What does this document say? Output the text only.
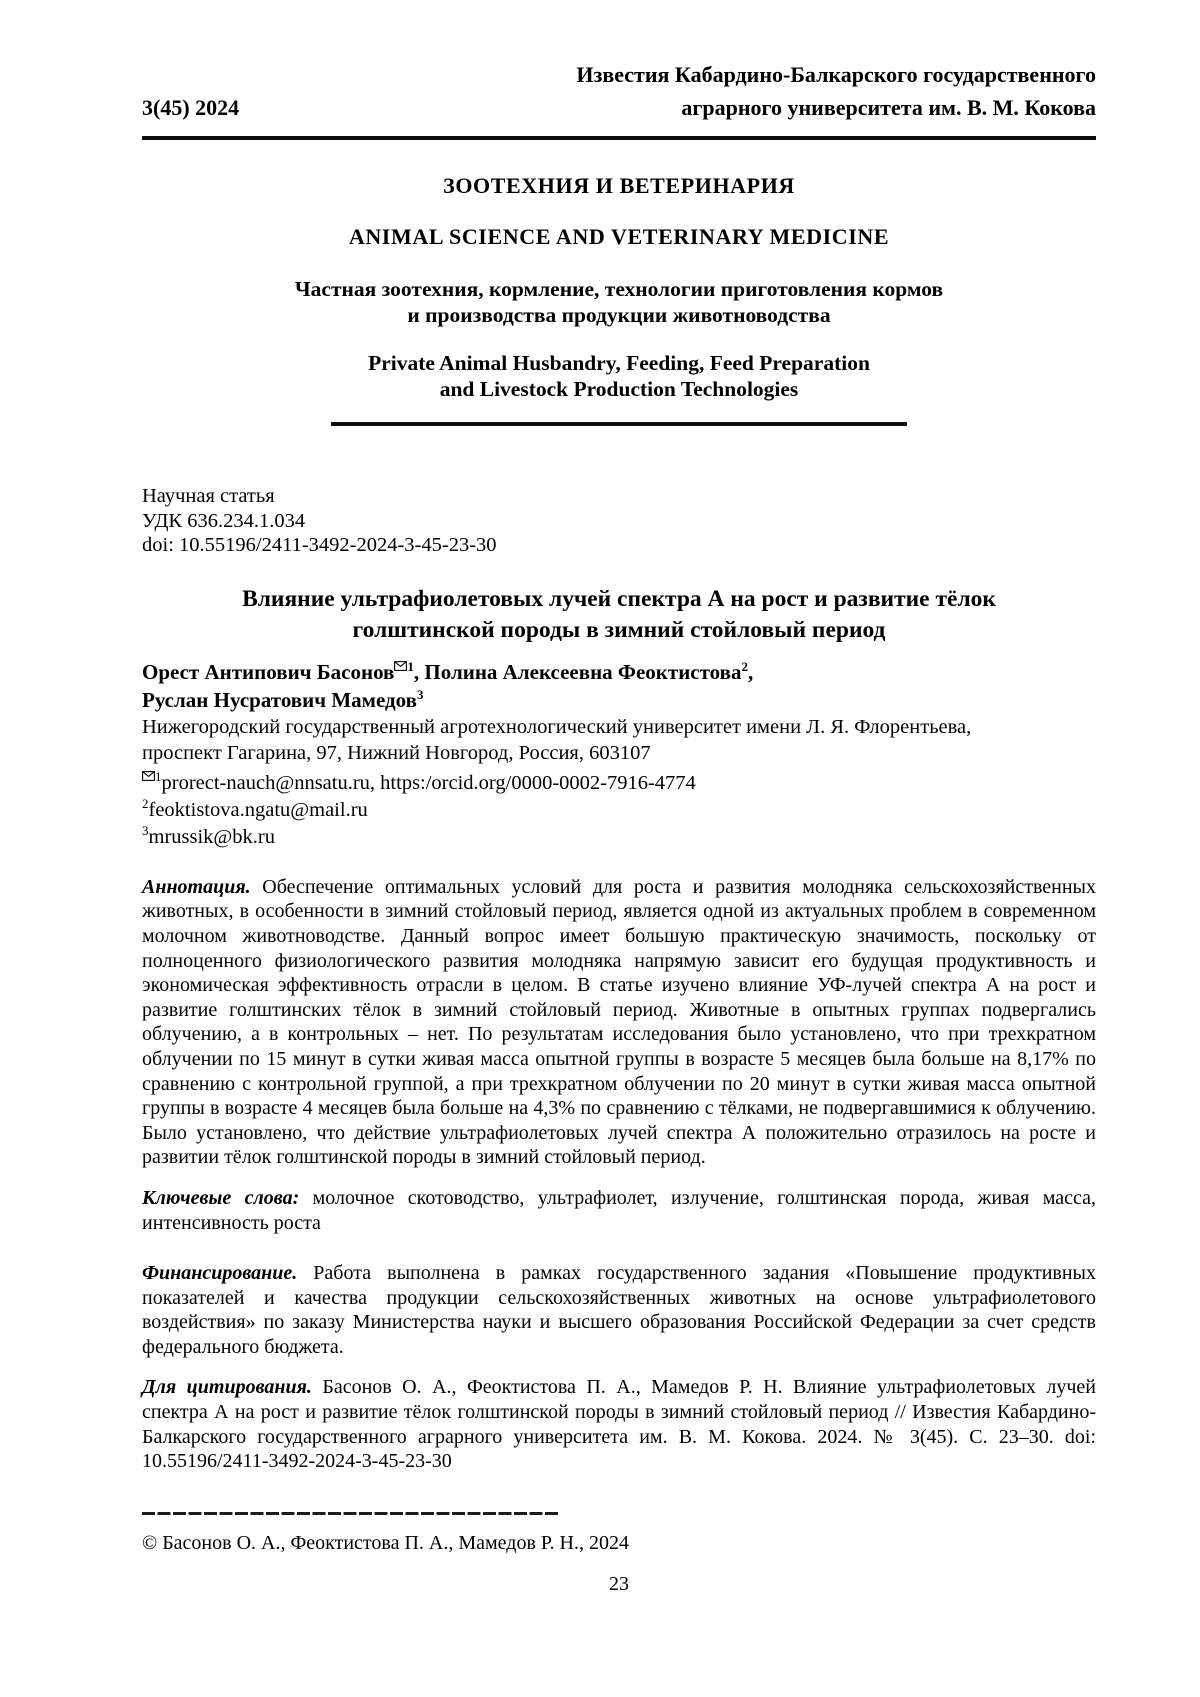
3(45) 2024
Известия Кабардино-Балкарского государственного
аграрного университета им. В. М. Кокова
ЗООТЕХНИЯ И ВЕТЕРИНАРИЯ
ANIMAL SCIENCE AND VETERINARY MEDICINE
Частная зоотехния, кормление, технологии приготовления кормов
и производства продукции животноводства
Private Animal Husbandry, Feeding, Feed Preparation
and Livestock Production Technologies
Научная статья
УДК 636.234.1.034
doi: 10.55196/2411-3492-2024-3-45-23-30
Влияние ультрафиолетовых лучей спектра А на рост и развитие тёлок
голштинской породы в зимний стойловый период
Орест Антипович Басонов $^1$, Полина Алексеевна Феоктистова$^2$,
Руслан Нусратович Мамедов$^3$
Нижегородский государственный агротехнологический университет имени Л. Я. Флорентьева,
проспект Гагарина, 97, Нижний Новгород, Россия, 603107
$^1$prorect-nauch@nnsatu.ru, https:/orcid.org/0000-0002-7916-4774
$^2$feoktistova.ngatu@mail.ru
$^3$mrussik@bk.ru

Аннотация. Обеспечение оптимальных условий для роста и развития молодняка сельскохозяйственных животных, в особенности в зимний стойловый период, является одной из актуальных проблем в современном молочном животноводстве. Данный вопрос имеет большую практическую значимость, поскольку от полноценного физиологического развития молодняка напрямую зависит его будущая продуктивность и экономическая эффективность отрасли в целом. В статье изучено влияние УФ-лучей спектра А на рост и развитие голштинских тёлок в зимний стойловый период. Животные в опытных группах подвергались облучению, а в контрольных – нет. По результатам исследования было установлено, что при трехкратном облучении по 15 минут в сутки живая масса опытной группы в возрасте 5 месяцев была больше на 8,17% по сравнению с контрольной группой, а при трехкратном облучении по 20 минут в сутки живая масса опытной группы в возрасте 4 месяцев была больше на 4,3% по сравнению с тёлками, не подвергавшимися к облучению. Было установлено, что действие ультрафиолетовых лучей спектра А положительно отразилось на росте и развитии тёлок голштинской породы в зимний стойловый период.

Ключевые слова: молочное скотоводство, ультрафиолет, излучение, голштинская порода, живая масса, интенсивность роста

Финансирование. Работа выполнена в рамках государственного задания «Повышение продуктивных показателей и качества продукции сельскохозяйственных животных на основе ультрафиолетового воздействия» по заказу Министерства науки и высшего образования Российской Федерации за счет средств федерального бюджета.

Для цитирования. Басонов О. А., Феоктистова П. А., Мамедов Р. Н. Влияние ультрафиолетовых лучей спектра А на рост и развитие тёлок голштинской породы в зимний стойловый период // Известия Кабардино-Балкарского государственного аграрного университета им. В. М. Кокова. 2024. № 3(45). С. 23–30. doi: 10.55196/2411-3492-2024-3-45-23-30

© Басонов О. А., Феоктистова П. А., Мамедов Р. Н., 2024
23
